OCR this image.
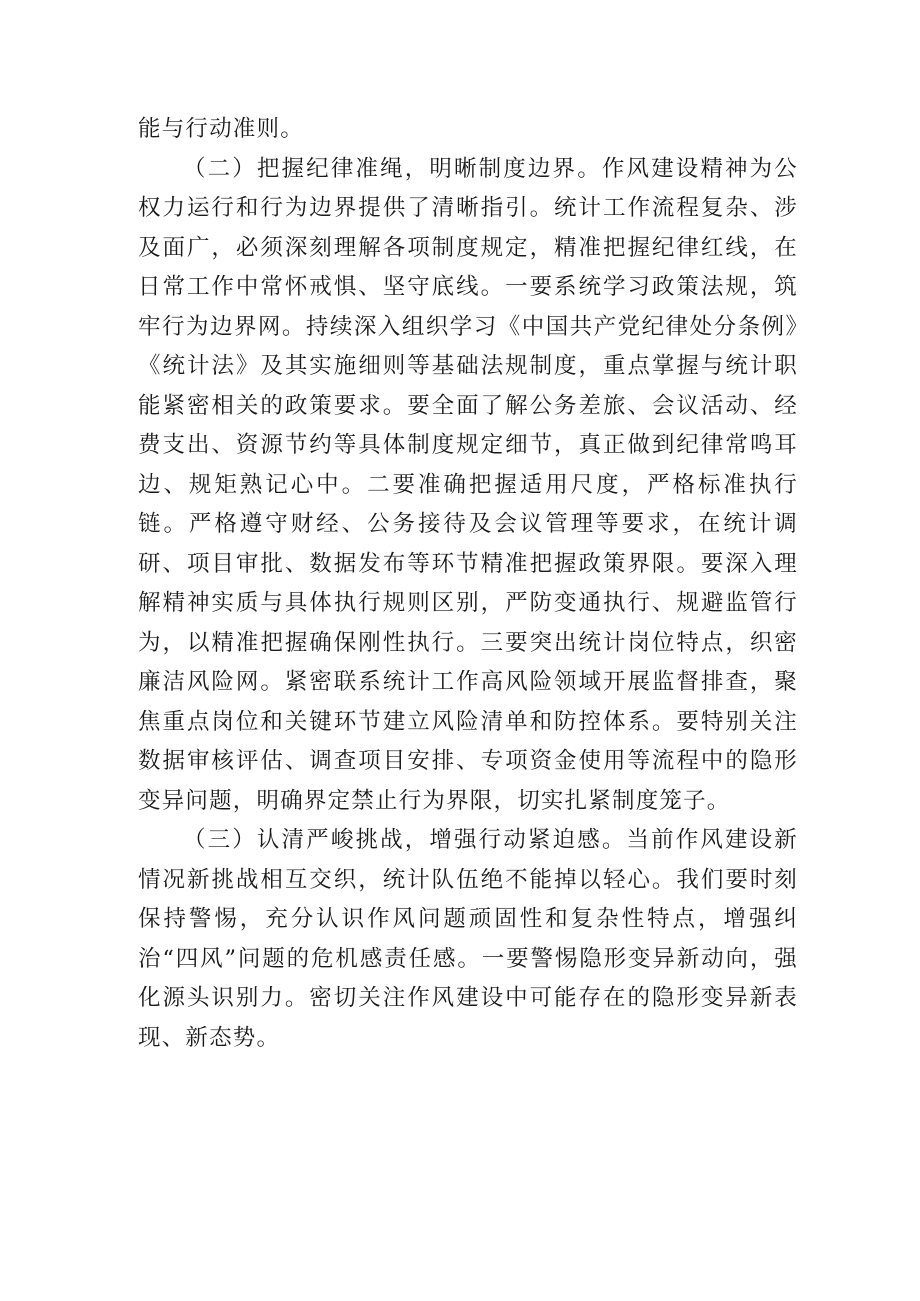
能与行动准则。

（二）把握纪律准绳，明晰制度边界。作风建设精神为公权力运行和行为边界提供了清晰指引。统计工作流程复杂、涉及面广，必须深刻理解各项制度规定，精准把握纪律红线，在日常工作中常怀戒惧、坚守底线。一要系统学习政策法规，筑牢行为边界网。持续深入组织学习《中国共产党纪律处分条例》《统计法》及其实施细则等基础法规制度，重点掌握与统计职能紧密相关的政策要求。要全面了解公务差旅、会议活动、经费支出、资源节约等具体制度规定细节，真正做到纪律常鸣耳边、规矩熟记心中。二要准确把握适用尺度，严格标准执行链。严格遵守财经、公务接待及会议管理等要求，在统计调研、项目审批、数据发布等环节精准把握政策界限。要深入理解精神实质与具体执行规则区别，严防变通执行、规避监管行为，以精准把握确保刚性执行。三要突出统计岗位特点，织密廉洁风险网。紧密联系统计工作高风险领域开展监督排查，聚焦重点岗位和关键环节建立风险清单和防控体系。要特别关注数据审核评估、调查项目安排、专项资金使用等流程中的隐形变异问题，明确界定禁止行为界限，切实扎紧制度笼子。

（三）认清严峻挑战，增强行动紧迫感。当前作风建设新情况新挑战相互交织，统计队伍绝不能掉以轻心。我们要时刻保持警惕，充分认识作风问题顽固性和复杂性特点，增强纠治“四风”问题的危机感责任感。一要警惕隐形变异新动向，强化源头识别力。密切关注作风建设中可能存在的隐形变异新表现、新态势。
